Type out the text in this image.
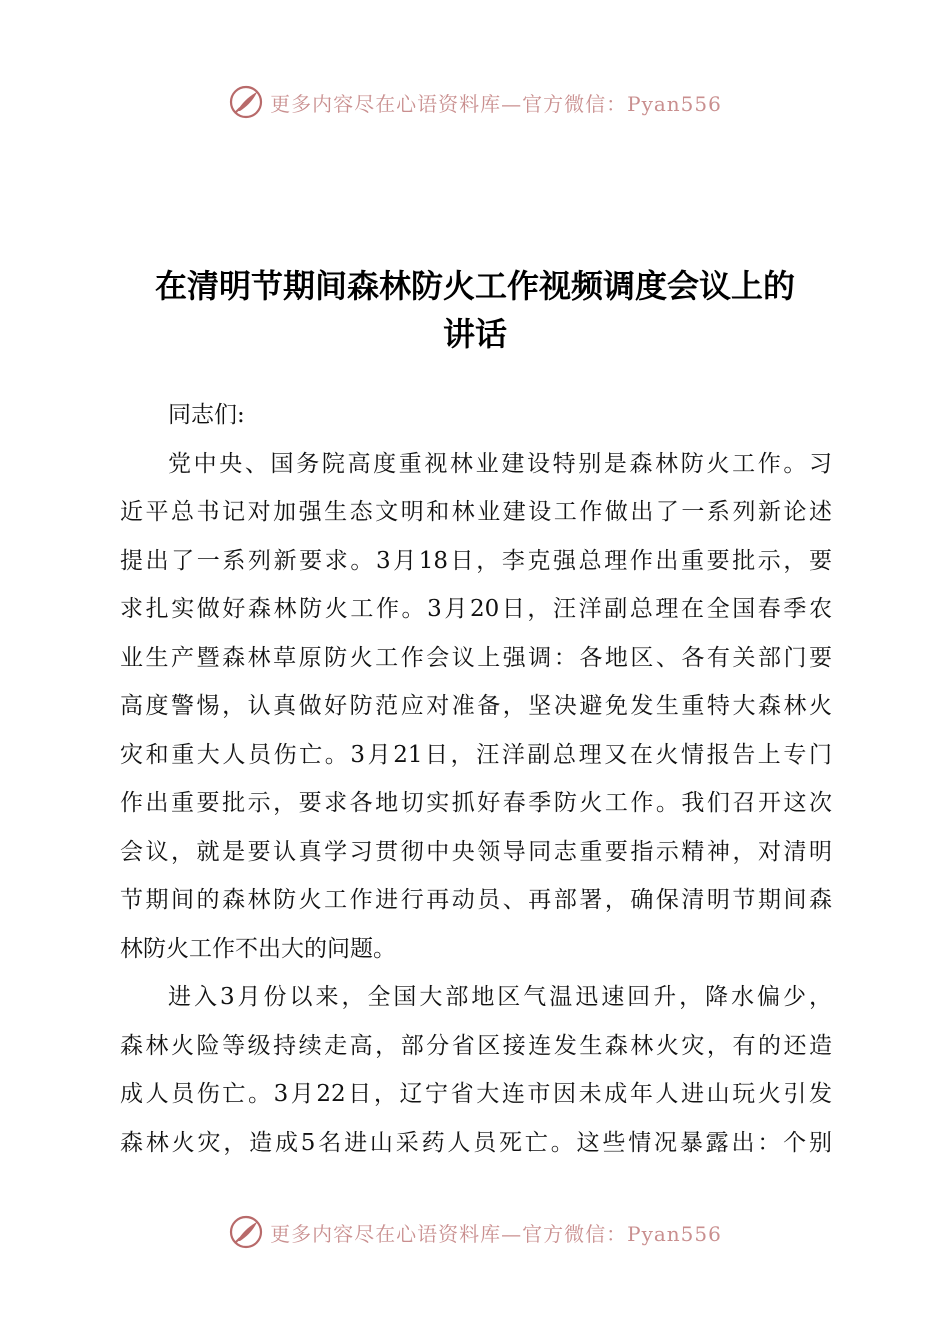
更多内容尽在心语资料库—官方微信：Pyan556
在清明节期间森林防火工作视频调度会议上的
讲话
同志们:
党中央、国务院高度重视林业建设特别是森林防火工作。习
近平总书记对加强生态文明和林业建设工作做出了一系列新论述
提出了一系列新要求。3月18日，李克强总理作出重要批示，要
求扎实做好森林防火工作。3月20日，汪洋副总理在全国春季农
业生产暨森林草原防火工作会议上强调：各地区、各有关部门要
高度警惕，认真做好防范应对准备，坚决避免发生重特大森林火
灾和重大人员伤亡。3月21日，汪洋副总理又在火情报告上专门
作出重要批示，要求各地切实抓好春季防火工作。我们召开这次
会议，就是要认真学习贯彻中央领导同志重要指示精神，对清明
节期间的森林防火工作进行再动员、再部署，确保清明节期间森
林防火工作不出大的问题。
进入3月份以来，全国大部地区气温迅速回升，降水偏少，
森林火险等级持续走高，部分省区接连发生森林火灾，有的还造
成人员伤亡。3月22日，辽宁省大连市因未成年人进山玩火引发
森林火灾，造成5名进山采药人员死亡。这些情况暴露出：个别
更多内容尽在心语资料库—官方微信：Pyan556
